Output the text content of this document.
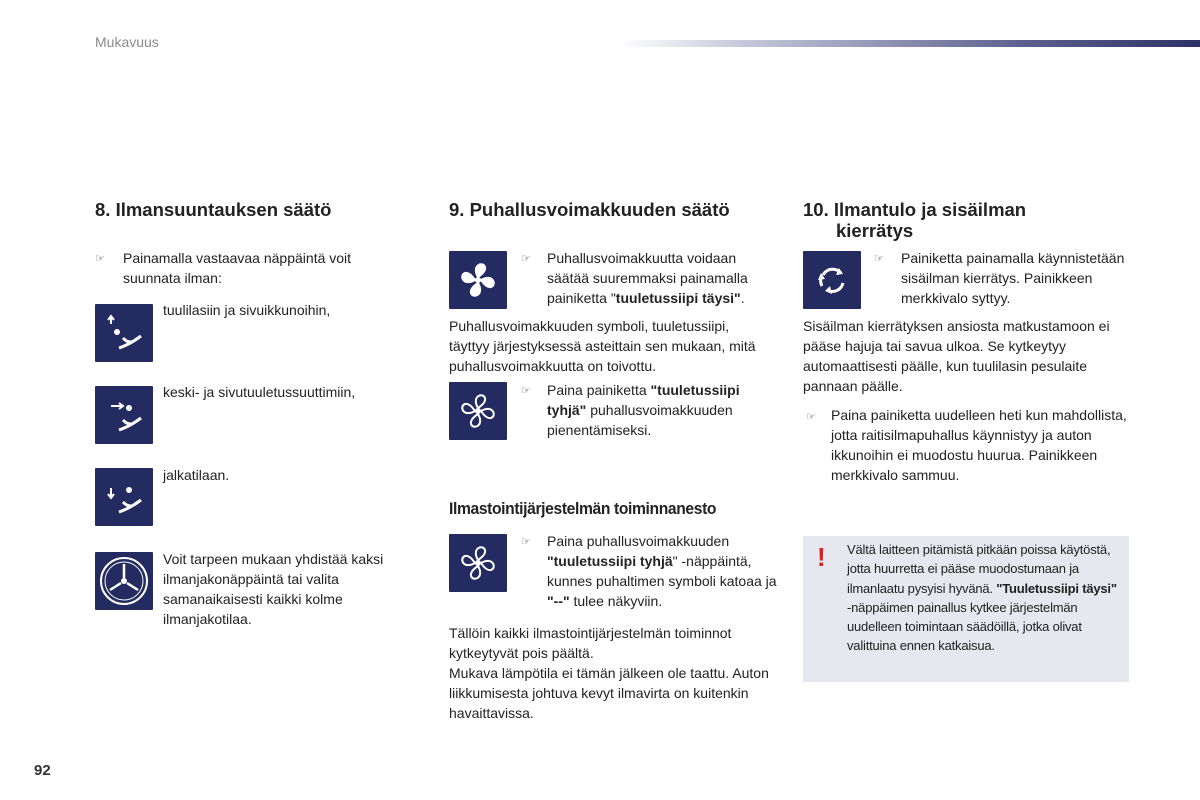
Mukavuus
92
8. Ilmansuuntauksen säätö
☞ Painamalla vastaavaa näppäintä voit suunnata ilman:
tuulilasiin ja sivuikkunoihin,
keski- ja sivutuuletussuuttimiin,
jalkatilaan.
Voit tarpeen mukaan yhdistää kaksi ilmanjakonäppäintä tai valita samanaikaisesti kaikki kolme ilmanjakotilaa.
9. Puhallusvoimakkuuden säätö
☞ Puhallusvoimakkuutta voidaan säätää suuremmaksi painamalla painiketta "tuuletussiipi täysi".
Puhallusvoimakkuuden symboli, tuuletussiipi, täyttyy järjestyksessä asteittain sen mukaan, mitä puhallusvoimakkuutta on toivottu.
☞ Paina painiketta "tuuletussiipi tyhjä" puhallusvoimakkuuden pienentämiseksi.
Ilmastointijärjestelmän toiminnanesto
☞ Paina puhallusvoimakkuuden "tuuletussiipi tyhjä" -näppäintä, kunnes puhaltimen symboli katoaa ja "--" tulee näkyviin.
Tällöin kaikki ilmastointijärjestelmän toiminnot kytkeytyvät pois päältä.
Mukava lämpötila ei tämän jälkeen ole taattu. Auton liikkumisesta johtuva kevyt ilmavirta on kuitenkin havaittavissa.
10. Ilmantulo ja sisäilman
kierrätys
☞ Painiketta painamalla käynnistetään sisäilman kierrätys. Painikkeen merkkivalo syttyy.
Sisäilman kierrätyksen ansiosta matkustamoon ei pääse hajuja tai savua ulkoa. Se kytkeytyy automaattisesti päälle, kun tuulilasin pesulaite pannaan päälle.
☞ Paina painiketta uudelleen heti kun mahdollista, jotta raitisilmapuhallus käynnistyy ja auton ikkunoihin ei muodostu huurua. Painikkeen merkkivalo sammuu.
! Vältä laitteen pitämistä pitkään poissa käytöstä, jotta huurretta ei pääse muodostumaan ja ilmanlaatu pysyisi hyvänä. "Tuuletussiipi täysi" -näppäimen painallus kytkee järjestelmän uudelleen toimintaan säädöillä, jotka olivat valittuina ennen katkaisua.
